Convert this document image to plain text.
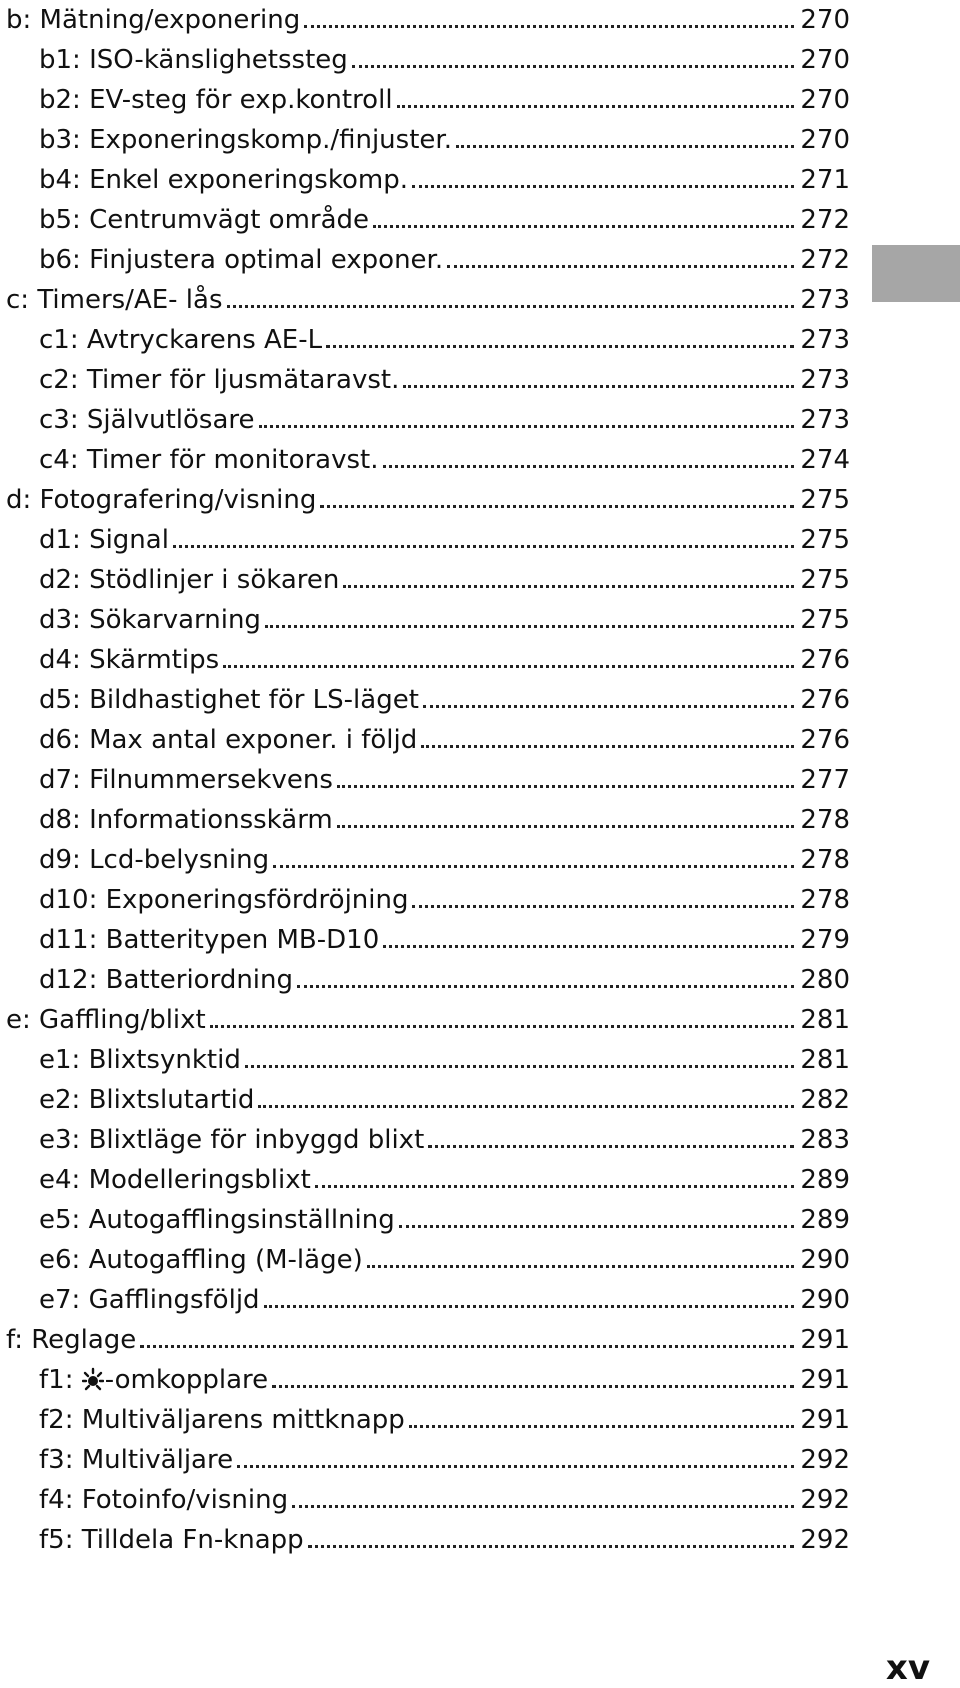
b: Mätning/exponering	270
b1: ISO-känslighetssteg	270
b2: EV-steg för exp.kontroll	270
b3: Exponeringskomp./finjuster.	270
b4: Enkel exponeringskomp.	271
b5: Centrumvägt område	272
b6: Finjustera optimal exponer.	272
c: Timers/AE- lås	273
c1: Avtryckarens AE-L	273
c2: Timer för ljusmätaravst.	273
c3: Självutlösare	273
c4: Timer för monitoravst.	274
d: Fotografering/visning	275
d1: Signal	275
d2: Stödlinjer i sökaren	275
d3: Sökarvarning	275
d4: Skärmtips	276
d5: Bildhastighet för LS-läget	276
d6: Max antal exponer. i följd	276
d7: Filnummersekvens	277
d8: Informationsskärm	278
d9: Lcd-belysning	278
d10: Exponeringsfördröjning	278
d11: Batteritypen MB-D10	279
d12: Batteriordning	280
e: Gaffling/blixt	281
e1: Blixtsynktid	281
e2: Blixtslutartid	282
e3: Blixtläge för inbyggd blixt	283
e4: Modelleringsblixt	289
e5: Autogafflingsinställning	289
e6: Autogaffling (M-läge)	290
e7: Gafflingsföljd	290
f: Reglage	291
f1: -omkopplare	291
f2: Multiväljarens mittknapp	291
f3: Multiväljare	292
f4: Fotoinfo/visning	292
f5: Tilldela Fn-knapp	292
xv
